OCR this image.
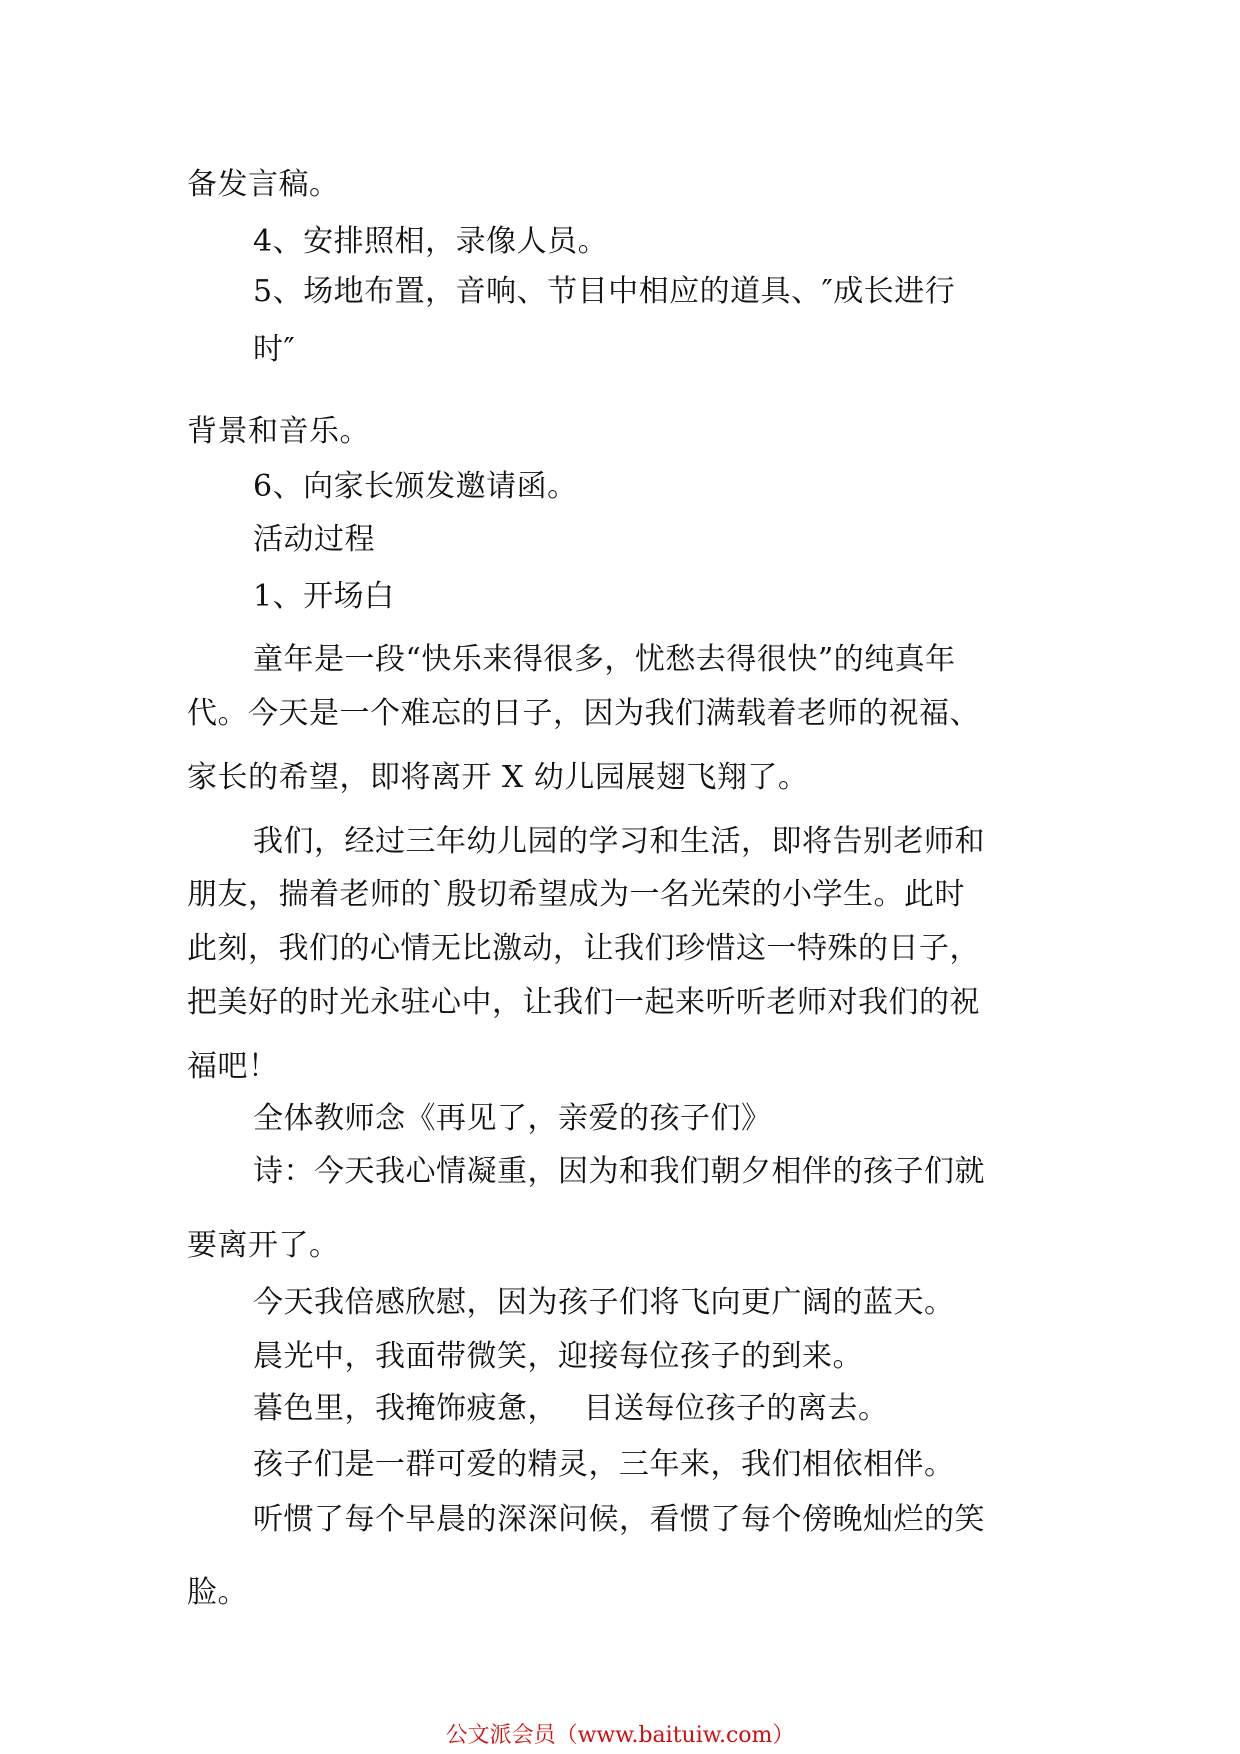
备发言稿。
4、安排照相，录像人员。
5、场地布置，音响、节目中相应的道具、″成长进行
时″
背景和音乐。
6、向家长颁发邀请函。
活动过程
1、开场白
童年是一段“快乐来得很多，忧愁去得很快”的纯真年
代。今天是一个难忘的日子，因为我们满载着老师的祝福、
家长的希望，即将离开 X 幼儿园展翅飞翔了。
我们，经过三年幼儿园的学习和生活，即将告别老师和
朋友，揣着老师的`殷切希望成为一名光荣的小学生。此时
此刻，我们的心情无比激动，让我们珍惜这一特殊的日子，
把美好的时光永驻心中，让我们一起来听听老师对我们的祝
福吧！
全体教师念《再见了，亲爱的孩子们》
诗：今天我心情凝重，因为和我们朝夕相伴的孩子们就
要离开了。
今天我倍感欣慰，因为孩子们将飞向更广阔的蓝天。
晨光中，我面带微笑，迎接每位孩子的到来。
暮色里，我掩饰疲惫，　 目送每位孩子的离去。
孩子们是一群可爱的精灵，三年来，我们相依相伴。
听惯了每个早晨的深深问候，看惯了每个傍晚灿烂的笑
脸。
公文派会员（www.baituiw.com）
